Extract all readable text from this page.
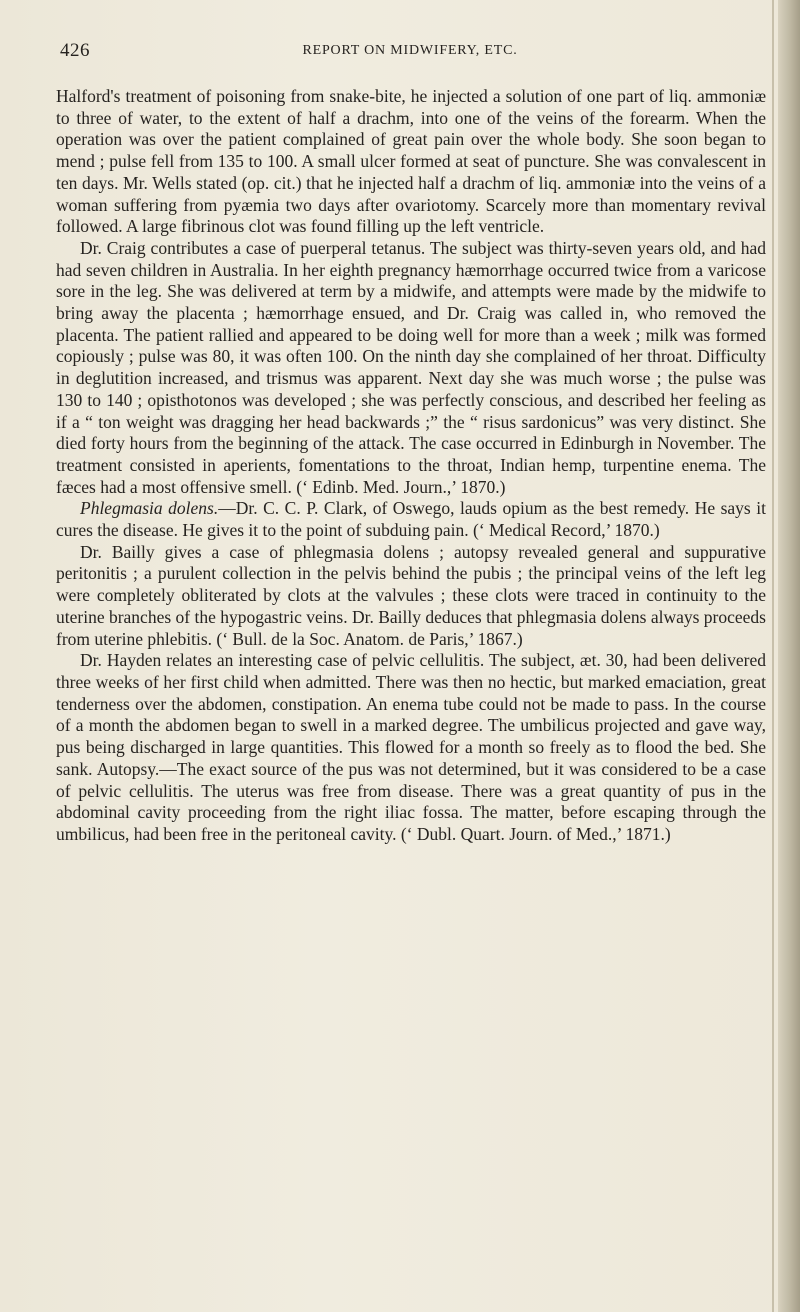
426	REPORT ON MIDWIFERY, ETC.

Halford's treatment of poisoning from snake-bite, he injected a solution of one part of liq. ammoniæ to three of water, to the extent of half a drachm, into one of the veins of the forearm. When the operation was over the patient complained of great pain over the whole body. She soon began to mend ; pulse fell from 135 to 100. A small ulcer formed at seat of puncture. She was convalescent in ten days. Mr. Wells stated (op. cit.) that he injected half a drachm of liq. ammoniæ into the veins of a woman suffering from pyæmia two days after ovariotomy. Scarcely more than momentary revival followed. A large fibrinous clot was found filling up the left ventricle.

Dr. Craig contributes a case of puerperal tetanus. The subject was thirty-seven years old, and had had seven children in Australia. In her eighth pregnancy hæmorrhage occurred twice from a varicose sore in the leg. She was delivered at term by a midwife, and attempts were made by the midwife to bring away the placenta ; hæmorrhage ensued, and Dr. Craig was called in, who removed the placenta. The patient rallied and appeared to be doing well for more than a week ; milk was formed copiously ; pulse was 80, it was often 100. On the ninth day she complained of her throat. Difficulty in deglutition increased, and trismus was apparent. Next day she was much worse ; the pulse was 130 to 140 ; opisthotonos was developed ; she was perfectly conscious, and described her feeling as if a “ ton weight was dragging her head backwards ;” the “ risus sardonicus” was very distinct. She died forty hours from the beginning of the attack. The case occurred in Edinburgh in November. The treatment consisted in aperients, fomentations to the throat, Indian hemp, turpentine enema. The fæces had a most offensive smell. (‘ Edinb. Med. Journ.,’ 1870.)

Phlegmasia dolens.—Dr. C. C. P. Clark, of Oswego, lauds opium as the best remedy. He says it cures the disease. He gives it to the point of subduing pain. (‘ Medical Record,’ 1870.)

Dr. Bailly gives a case of phlegmasia dolens ; autopsy revealed general and suppurative peritonitis ; a purulent collection in the pelvis behind the pubis ; the principal veins of the left leg were completely obliterated by clots at the valvules ; these clots were traced in continuity to the uterine branches of the hypogastric veins. Dr. Bailly deduces that phlegmasia dolens always proceeds from uterine phlebitis. (‘ Bull. de la Soc. Anatom. de Paris,’ 1867.)

Dr. Hayden relates an interesting case of pelvic cellulitis. The subject, æt. 30, had been delivered three weeks of her first child when admitted. There was then no hectic, but marked emaciation, great tenderness over the abdomen, constipation. An enema tube could not be made to pass. In the course of a month the abdomen began to swell in a marked degree. The umbilicus projected and gave way, pus being discharged in large quantities. This flowed for a month so freely as to flood the bed. She sank. Autopsy.—The exact source of the pus was not determined, but it was considered to be a case of pelvic cellulitis. The uterus was free from disease. There was a great quantity of pus in the abdominal cavity proceeding from the right iliac fossa. The matter, before escaping through the umbilicus, had been free in the peritoneal cavity. (‘ Dubl. Quart. Journ. of Med.,’ 1871.)
